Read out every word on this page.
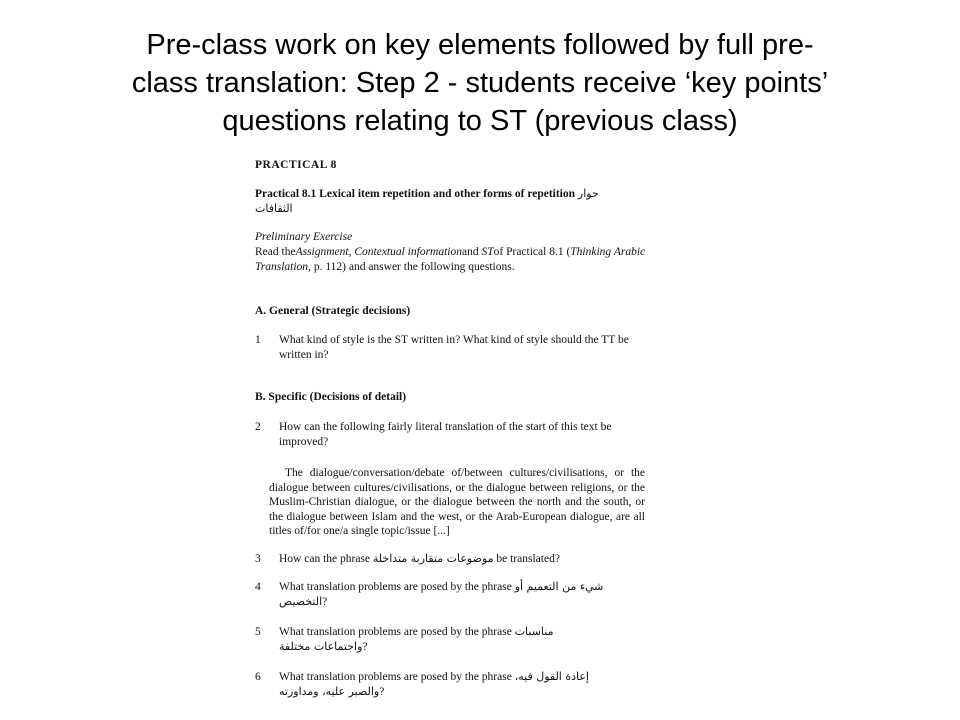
Pre-class work on key elements followed by full pre-
class translation: Step 2 - students receive ‘key points’
questions relating to ST (previous class)
PRACTICAL 8
Practical 8.1 Lexical item repetition and other forms of repetition حوار
الثقافات
Preliminary Exercise
Read theAssignment, Contextual informationand STof Practical 8.1 (Thinking Arabic Translation, p. 112) and answer the following questions.
A. General (Strategic decisions)
1	What kind of style is the ST written in? What kind of style should the TT be written in?
B. Specific (Decisions of detail)
2	How can the following fairly literal translation of the start of this text be improved?
The dialogue/conversation/debate of/between cultures/civilisations, or the dialogue between cultures/civilisations, or the dialogue between religions, or the Muslim-Christian dialogue, or the dialogue between the north and the south, or the dialogue between Islam and the west, or the Arab-European dialogue, are all titles of/for one/a single topic/issue [...]
3	How can the phrase موضوعات متقاربة متداخلة be translated?
4	What translation problems are posed by the phrase شيء من التعميم أو
التخصيص?
5	What translation problems are posed by the phrase مناسبات
واجتماعات مختلفة?
6	What translation problems are posed by the phrase إعادة القول فيه،
والصبر عليه، ومداورته?
